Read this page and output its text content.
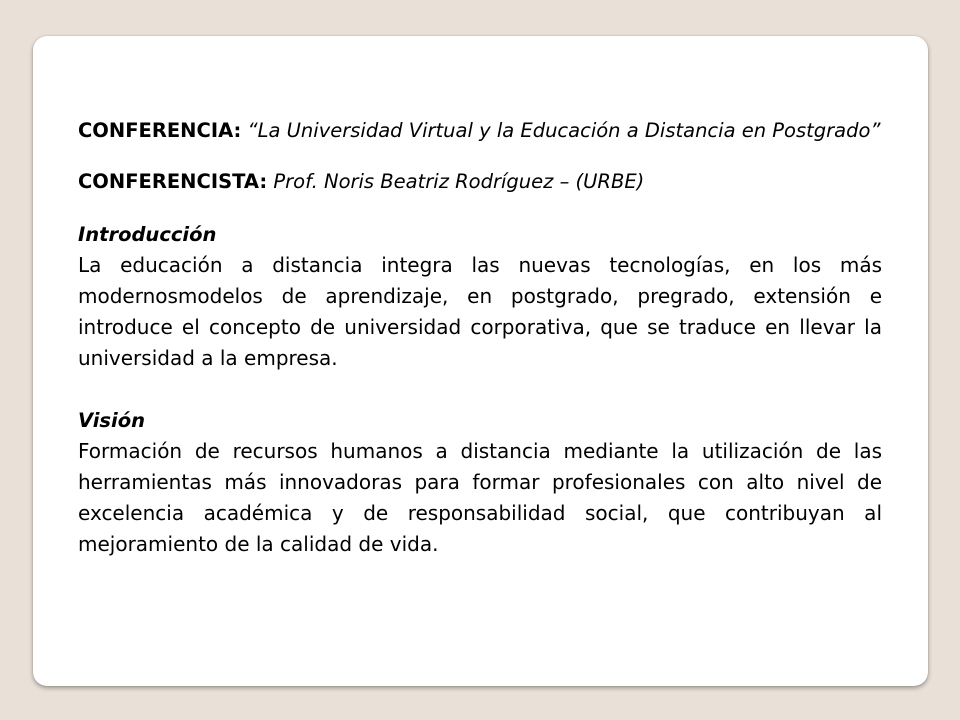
CONFERENCIA: “La Universidad Virtual y la Educación a Distancia en Postgrado”

CONFERENCISTA: Prof. Noris Beatriz Rodríguez – (URBE)

Introducción

La educación a distancia integra las nuevas tecnologías, en los más modernosmodelos de aprendizaje, en postgrado, pregrado, extensión e introduce el concepto de universidad corporativa, que se traduce en llevar la universidad a la empresa.

Visión

Formación de recursos humanos a distancia mediante la utilización de las herramientas más innovadoras para formar profesionales con alto nivel de excelencia académica y de responsabilidad social, que contribuyan al mejoramiento de la calidad de vida.
